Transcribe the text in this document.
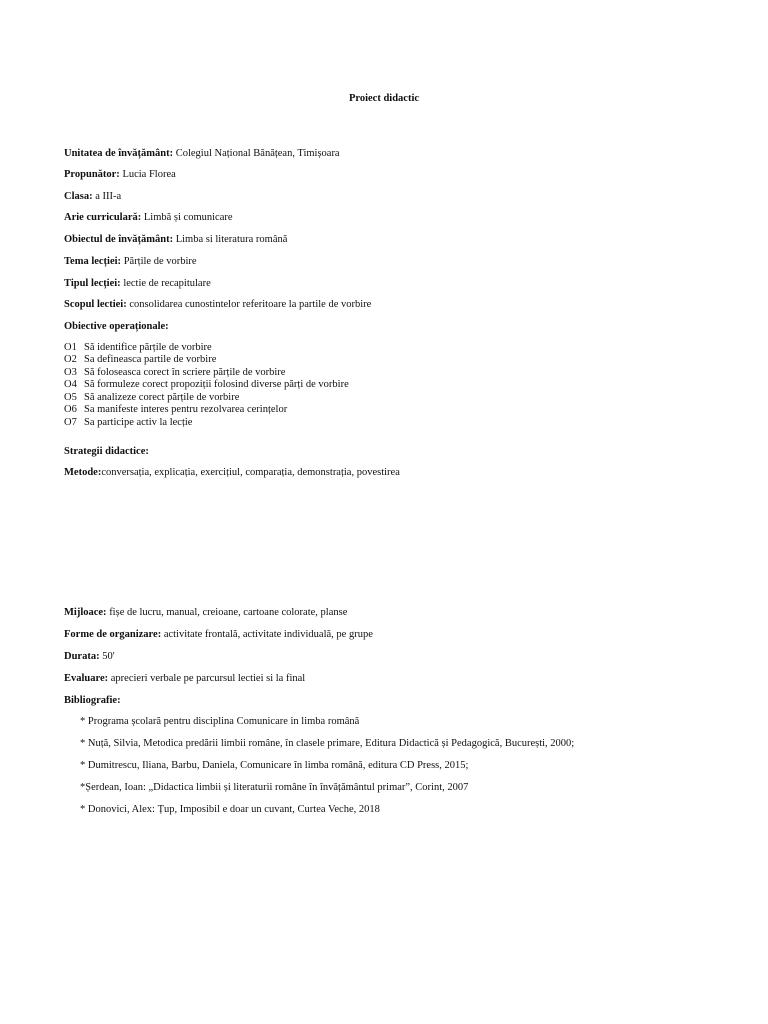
Proiect didactic
Unitatea de învățământ: Colegiul Național Bănățean, Timișoara
Propunător: Lucia Florea
Clasa: a III-a
Arie curriculară: Limbă și comunicare
Obiectul de învățământ: Limba si literatura română
Tema lecției: Părțile de vorbire
Tipul lecției: lectie de recapitulare
Scopul lectiei: consolidarea cunostintelor referitoare la partile de vorbire
Obiective operaționale:
O1 Să identifice părțile de vorbire
O2 Sa defineasca partile de vorbire
O3 Să foloseasca corect în scriere părțile de vorbire
O4 Să formuleze corect propoziții folosind diverse părți de vorbire
O5 Să analizeze corect părțile de vorbire
O6 Sa manifeste interes pentru rezolvarea cerințelor
O7 Sa participe activ la lecție
Strategii didactice:
Metode:conversația, explicația, exercițiul, comparația, demonstrația, povestirea
Mijloace: fișe de lucru, manual, creioane, cartoane colorate, planse
Forme de organizare: activitate frontală, activitate individuală, pe grupe
Durata: 50'
Evaluare: aprecieri verbale pe parcursul lectiei si la final
Bibliografie:
* Programa școlară pentru disciplina Comunicare in limba română
* Nuță, Silvia, Metodica predării limbii române, în clasele primare, Editura Didactică și Pedagogică, București, 2000;
* Dumitrescu, Iliana, Barbu, Daniela, Comunicare în limba română, editura CD Press, 2015;
*Șerdean, Ioan: „Didactica limbii și literaturii române în învățământul primar”, Corint, 2007
* Donovici, Alex: Țup, Imposibil e doar un cuvant, Curtea Veche, 2018
